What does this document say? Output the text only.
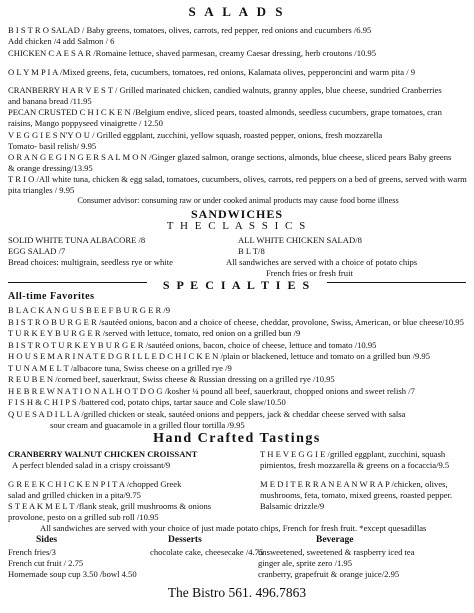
S A L A D S
B I S T R O SALAD / Baby greens, tomatoes, olives, carrots, red pepper, red onions and cucumbers /6.95
Add chicken /4 add Salmon / 6
CHICKEN C A E S A R /Romaine lettuce, shaved parmesan, creamy Caesar dressing, herb croutons /10.95
O L Y M P I A /Mixed greens, feta, cucumbers, tomatoes, red onions, Kalamata olives, pepperoncini and warm pita / 9
CRANBERRY H A R V E S T / Grilled marinated chicken, candied walnuts, granny apples, blue cheese, sundried Cranberries
and banana bread /11.95
PECAN CRUSTED C H I C K E N /Belgium endive, sliced pears, toasted almonds, seedless cucumbers, grape tomatoes, cran
raisins, Mango poppyseed vinaigrette / 12.50
V E G G I E S N'Y O U / Grilled eggplant, zucchini, yellow squash, roasted pepper, onions, fresh mozzarella
Tomato- basil relish/ 9.95
O R A N G E G I N G E R S A L M O N /Ginger glazed salmon, orange sections, almonds, blue cheese, sliced pears Baby greens
& orange dressing/13.95
T R I O /All white tuna, chicken & egg salad, tomatoes, cucumbers, olives, carrots, red peppers on a bed of greens, served with warm
pita triangles / 9.95
Consumer advisor: consuming raw or under cooked animal products may cause food borne illness
SANDWICHES
T H E C L A S S I C S
SOLID WHITE TUNA ALBACORE /8
EGG SALAD /7
Bread choices: multigrain, seedless rye or white
ALL WHITE CHICKEN SALAD/8
B L T/8
All sandwiches are served with a choice of potato chips
French fries or fresh fruit
S P E C I A L T I E S
All-time Favorites
B L A C K A N G U S B E E F B U R G E R /9
B I S T R O B U R G E R /sautéed onions, bacon and a choice of cheese, cheddar, provolone, Swiss, American, or blue cheese/10.95
T U R K E Y B U R G E R /served with lettuce, tomato, red onion on a grilled bun /9
B I S T R O T U R K E Y B U R G E R /sautéed onions, bacon, choice of cheese, lettuce and tomato /10.95
H O U S E M A R I N A T E D G R I L L E D C H I C K E N /plain or blackened, lettuce and tomato on a grilled bun /9.95
T U N A M E L T /albacore tuna, Swiss cheese on a grilled rye /9
R E U B E N /corned beef, sauerkraut, Swiss cheese & Russian dressing on a grilled rye /10.95
H E B R E W N A T I O N A L H O T D O G /kosher ¼ pound all beef, sauerkraut, chopped onions and sweet relish /7
F I S H & C H I P S /battered cod, potato chips, tartar sauce and Cole slaw/10.50
Q U E S A D I L L A /grilled chicken or steak, sautéed onions and peppers, jack & cheddar cheese served with salsa
sour cream and guacamole in a grilled flour tortilla /9.95
Hand Crafted Tastings
CRANBERRY WALNUT CHICKEN CROISSANT
A perfect blended salad in a crispy croissant/9
G R E E K C H I C K E N P I T A /chopped Greek
salad and grilled chicken in a pita/9.75
S T E A K M E L T /flank steak, grill mushrooms & onions
provolone, pesto on a grilled sub roll /10.95
T H E V E G G I E /grilled eggplant, zucchini, squash
pimientos, fresh mozzarella & greens on a focaccia/9.5
M E D I T E R R A N E A N W R A P /chicken, olives,
mushrooms, feta, tomato, mixed greens, roasted pepper.
Balsamic drizzle/9
All sandwiches are served with your choice of just made potato chips, French for fresh fruit. *except quesadillas
Sides
French fries/3
French cut fruit / 2.75
Homemade soup cup 3.50 /bowl 4.50
Desserts
chocolate cake, cheesecake /4.75
Beverage
unsweetened, sweetened & raspberry iced tea
ginger ale, sprite zero /1.95
cranberry, grapefruit & orange juice/2.95
The Bistro 561. 496.7863
